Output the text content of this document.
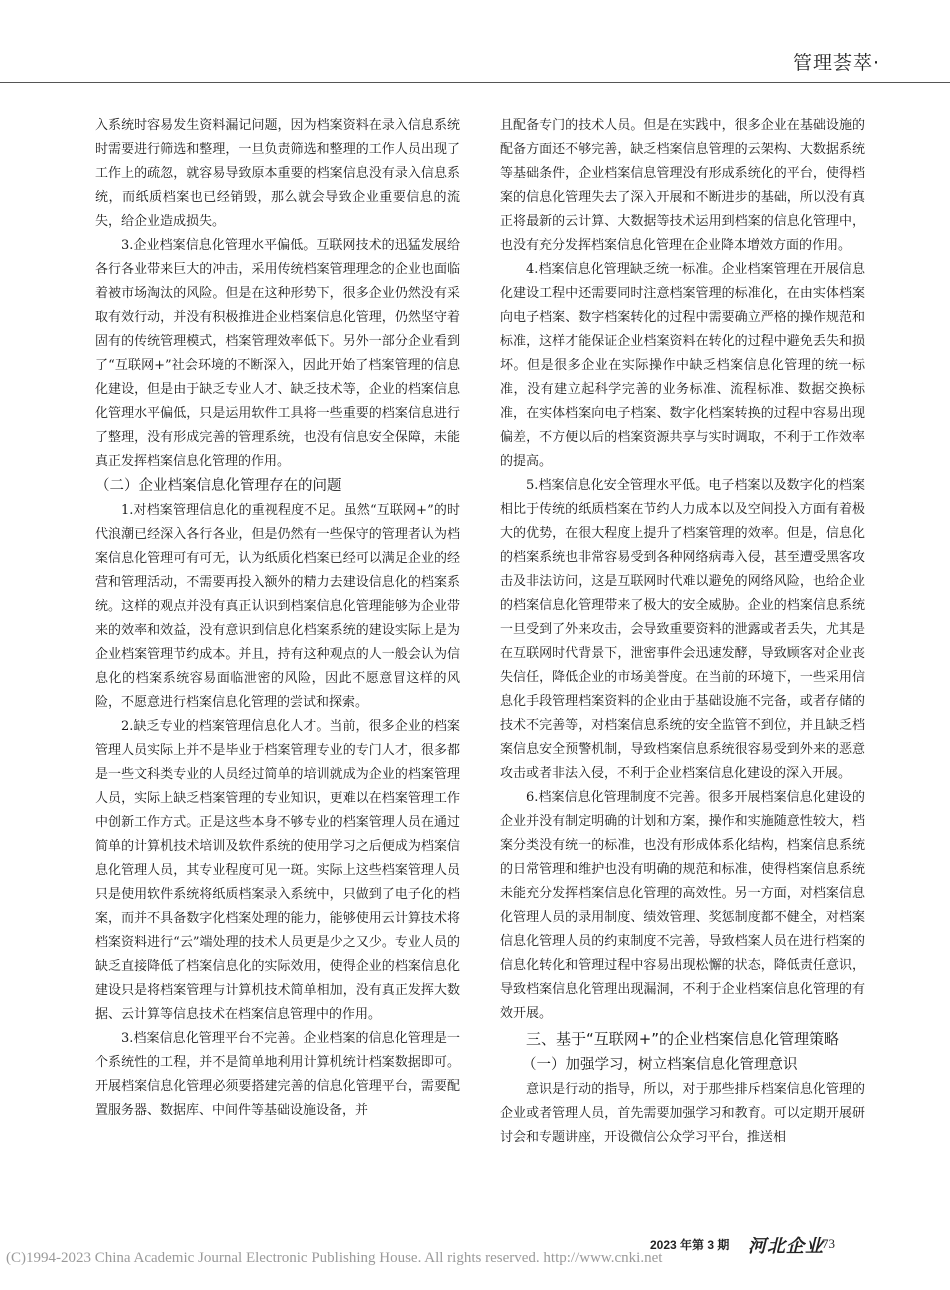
管理荟萃·

入系统时容易发生资料漏记问题，因为档案资料在录入信息系统时需要进行筛选和整理，一旦负责筛选和整理的工作人员出现了工作上的疏忽，就容易导致原本重要的档案信息没有录入信息系统，而纸质档案也已经销毁，那么就会导致企业重要信息的流失，给企业造成损失。

3.企业档案信息化管理水平偏低。互联网技术的迅猛发展给各行各业带来巨大的冲击，采用传统档案管理理念的企业也面临着被市场淘汰的风险。但是在这种形势下，很多企业仍然没有采取有效行动，并没有积极推进企业档案信息化管理，仍然坚守着固有的传统管理模式，档案管理效率低下。另外一部分企业看到了“互联网+”社会环境的不断深入，因此开始了档案管理的信息化建设，但是由于缺乏专业人才、缺乏技术等，企业的档案信息化管理水平偏低，只是运用软件工具将一些重要的档案信息进行了整理，没有形成完善的管理系统，也没有信息安全保障，未能真正发挥档案信息化管理的作用。

（二）企业档案信息化管理存在的问题

1.对档案管理信息化的重视程度不足。虽然“互联网+”的时代浪潮已经深入各行各业，但是仍然有一些保守的管理者认为档案信息化管理可有可无，认为纸质化档案已经可以满足企业的经营和管理活动，不需要再投入额外的精力去建设信息化的档案系统。这样的观点并没有真正认识到档案信息化管理能够为企业带来的效率和效益，没有意识到信息化档案系统的建设实际上是为企业档案管理节约成本。并且，持有这种观点的人一般会认为信息化的档案系统容易面临泄密的风险，因此不愿意冒这样的风险，不愿意进行档案信息化管理的尝试和探索。

2.缺乏专业的档案管理信息化人才。当前，很多企业的档案管理人员实际上并不是毕业于档案管理专业的专门人才，很多都是一些文科类专业的人员经过简单的培训就成为企业的档案管理人员，实际上缺乏档案管理的专业知识，更难以在档案管理工作中创新工作方式。正是这些本身不够专业的档案管理人员在通过简单的计算机技术培训及软件系统的使用学习之后便成为档案信息化管理人员，其专业程度可见一斑。实际上这些档案管理人员只是使用软件系统将纸质档案录入系统中，只做到了电子化的档案，而并不具备数字化档案处理的能力，能够使用云计算技术将档案资料进行“云”端处理的技术人员更是少之又少。专业人员的缺乏直接降低了档案信息化的实际效用，使得企业的档案信息化建设只是将档案管理与计算机技术简单相加，没有真正发挥大数据、云计算等信息技术在档案信息管理中的作用。

3.档案信息化管理平台不完善。企业档案的信息化管理是一个系统性的工程，并不是简单地利用计算机统计档案数据即可。开展档案信息化管理必须要搭建完善的信息化管理平台，需要配置服务器、数据库、中间件等基础设施设备，并

且配备专门的技术人员。但是在实践中，很多企业在基础设施的配备方面还不够完善，缺乏档案信息管理的云架构、大数据系统等基础条件，企业档案信息管理没有形成系统化的平台，使得档案的信息化管理失去了深入开展和不断进步的基础，所以没有真正将最新的云计算、大数据等技术运用到档案的信息化管理中，也没有充分发挥档案信息化管理在企业降本增效方面的作用。

4.档案信息化管理缺乏统一标准。企业档案管理在开展信息化建设工程中还需要同时注意档案管理的标准化，在由实体档案向电子档案、数字档案转化的过程中需要确立严格的操作规范和标准，这样才能保证企业档案资料在转化的过程中避免丢失和损坏。但是很多企业在实际操作中缺乏档案信息化管理的统一标准，没有建立起科学完善的业务标准、流程标准、数据交换标准，在实体档案向电子档案、数字化档案转换的过程中容易出现偏差，不方便以后的档案资源共享与实时调取，不利于工作效率的提高。

5.档案信息化安全管理水平低。电子档案以及数字化的档案相比于传统的纸质档案在节约人力成本以及空间投入方面有着极大的优势，在很大程度上提升了档案管理的效率。但是，信息化的档案系统也非常容易受到各种网络病毒入侵，甚至遭受黑客攻击及非法访问，这是互联网时代难以避免的网络风险，也给企业的档案信息化管理带来了极大的安全威胁。企业的档案信息系统一旦受到了外来攻击，会导致重要资料的泄露或者丢失，尤其是在互联网时代背景下，泄密事件会迅速发酵，导致顾客对企业丧失信任，降低企业的市场美誉度。在当前的环境下，一些采用信息化手段管理档案资料的企业由于基础设施不完备，或者存储的技术不完善等，对档案信息系统的安全监管不到位，并且缺乏档案信息安全预警机制，导致档案信息系统很容易受到外来的恶意攻击或者非法入侵，不利于企业档案信息化建设的深入开展。

6.档案信息化管理制度不完善。很多开展档案信息化建设的企业并没有制定明确的计划和方案，操作和实施随意性较大，档案分类没有统一的标准，也没有形成体系化结构，档案信息系统的日常管理和维护也没有明确的规范和标准，使得档案信息系统未能充分发挥档案信息化管理的高效性。另一方面，对档案信息化管理人员的录用制度、绩效管理、奖惩制度都不健全，对档案信息化管理人员的约束制度不完善，导致档案人员在进行档案的信息化转化和管理过程中容易出现松懈的状态，降低责任意识，导致档案信息化管理出现漏洞，不利于企业档案信息化管理的有效开展。

三、基于“互联网+”的企业档案信息化管理策略
（一）加强学习，树立档案信息化管理意识

意识是行动的指导，所以，对于那些排斥档案信息化管理的企业或者管理人员，首先需要加强学习和教育。可以定期开展研讨会和专题讲座，开设微信公众学习平台，推送相

(C)1994-2023 China Academic Journal Electronic Publishing House. All rights reserved. http://www.cnki.net
2023 年第 3 期 河北企业
73
